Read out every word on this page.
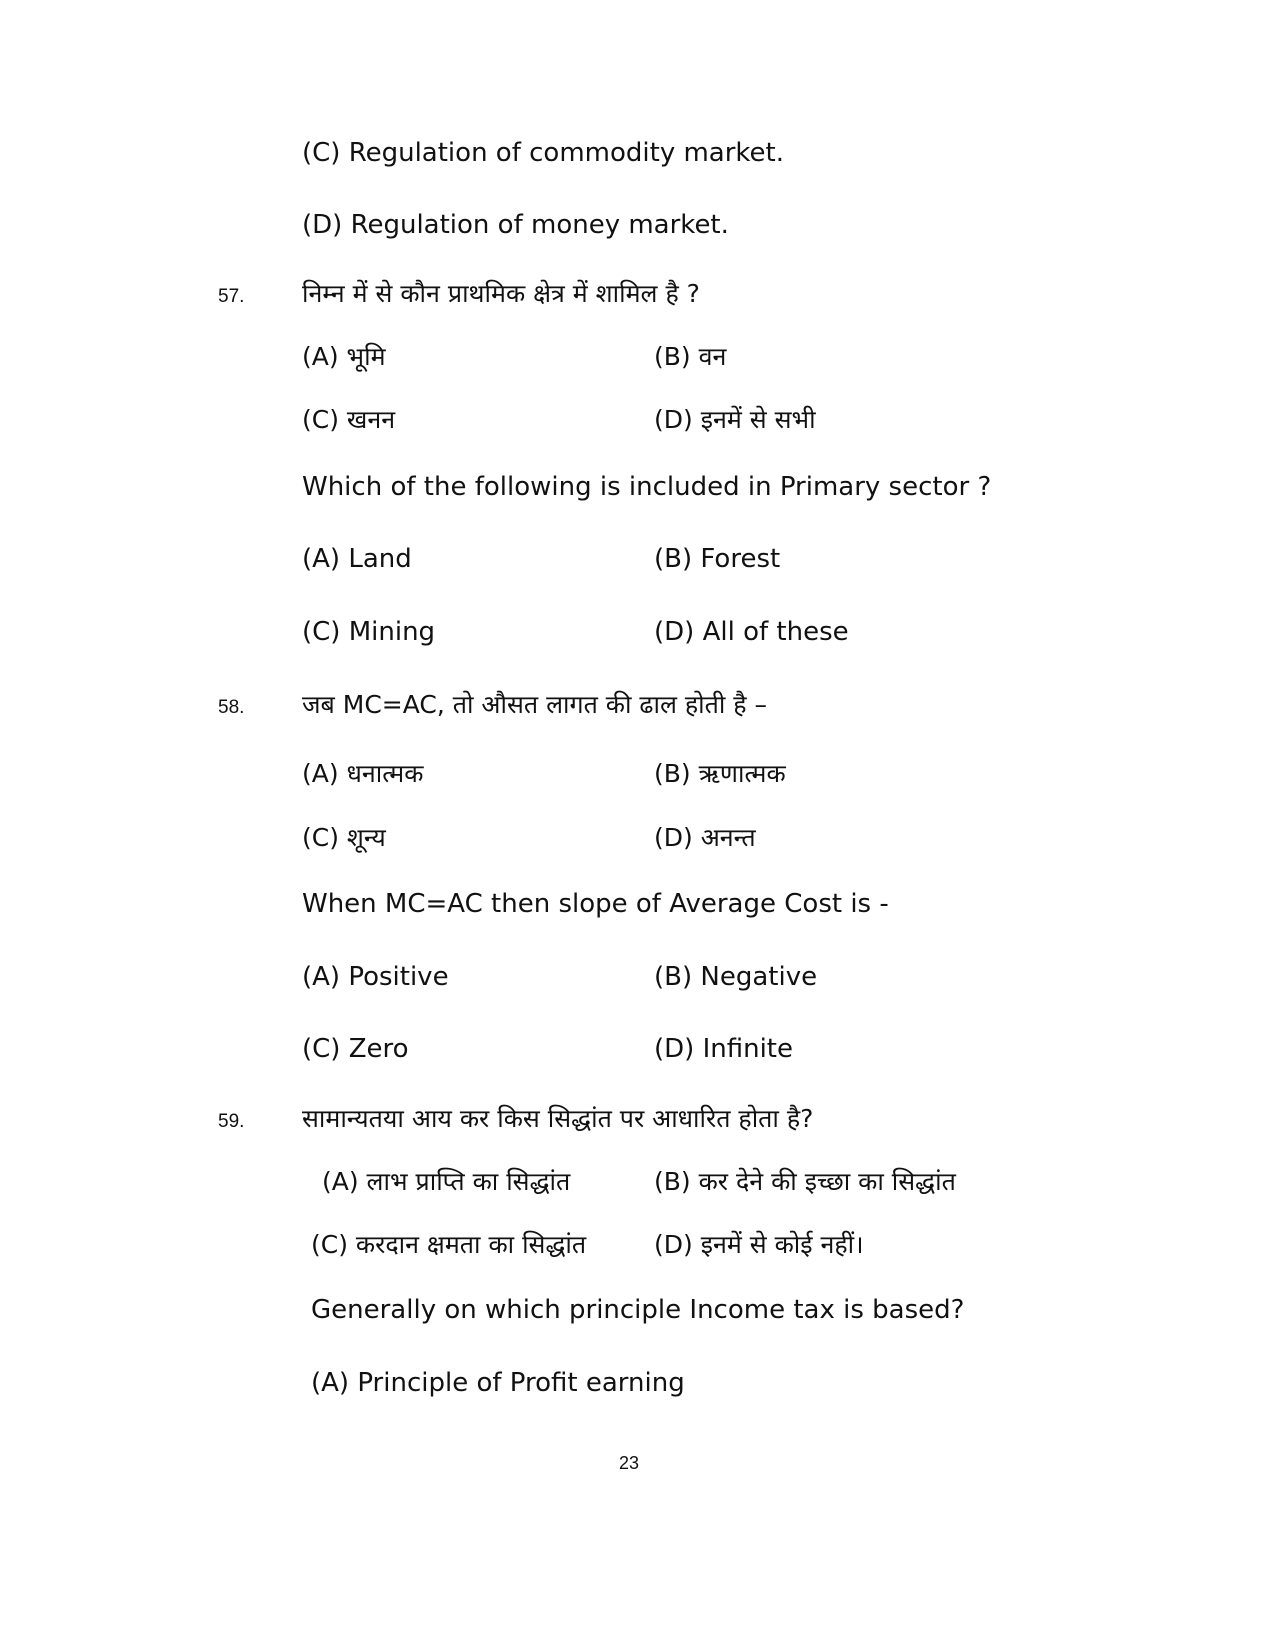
(C) Regulation of commodity market.
(D) Regulation of money market.
57. निम्न में से कौन प्राथमिक क्षेत्र में शामिल है ?
(A) भूमि	(B) वन
(C) खनन	(D) इनमें से सभी
Which of the following is included in Primary sector ?
(A) Land	(B) Forest
(C) Mining	(D) All of these
58. जब MC=AC, तो औसत लागत की ढाल होती है –
(A) धनात्मक	(B) ऋणात्मक
(C) शून्य	(D) अनन्त
When MC=AC then slope of Average Cost is -
(A) Positive	(B) Negative
(C) Zero	(D) Infinite
59. सामान्यतया आय कर किस सिद्धांत पर आधारित होता है?
(A) लाभ प्राप्ति का सिद्धांत	(B) कर देने की इच्छा का सिद्धांत
(C) करदान क्षमता का सिद्धांत	(D) इनमें से कोई नहीं।
Generally on which principle Income tax is based?
(A) Principle of Profit earning
23
